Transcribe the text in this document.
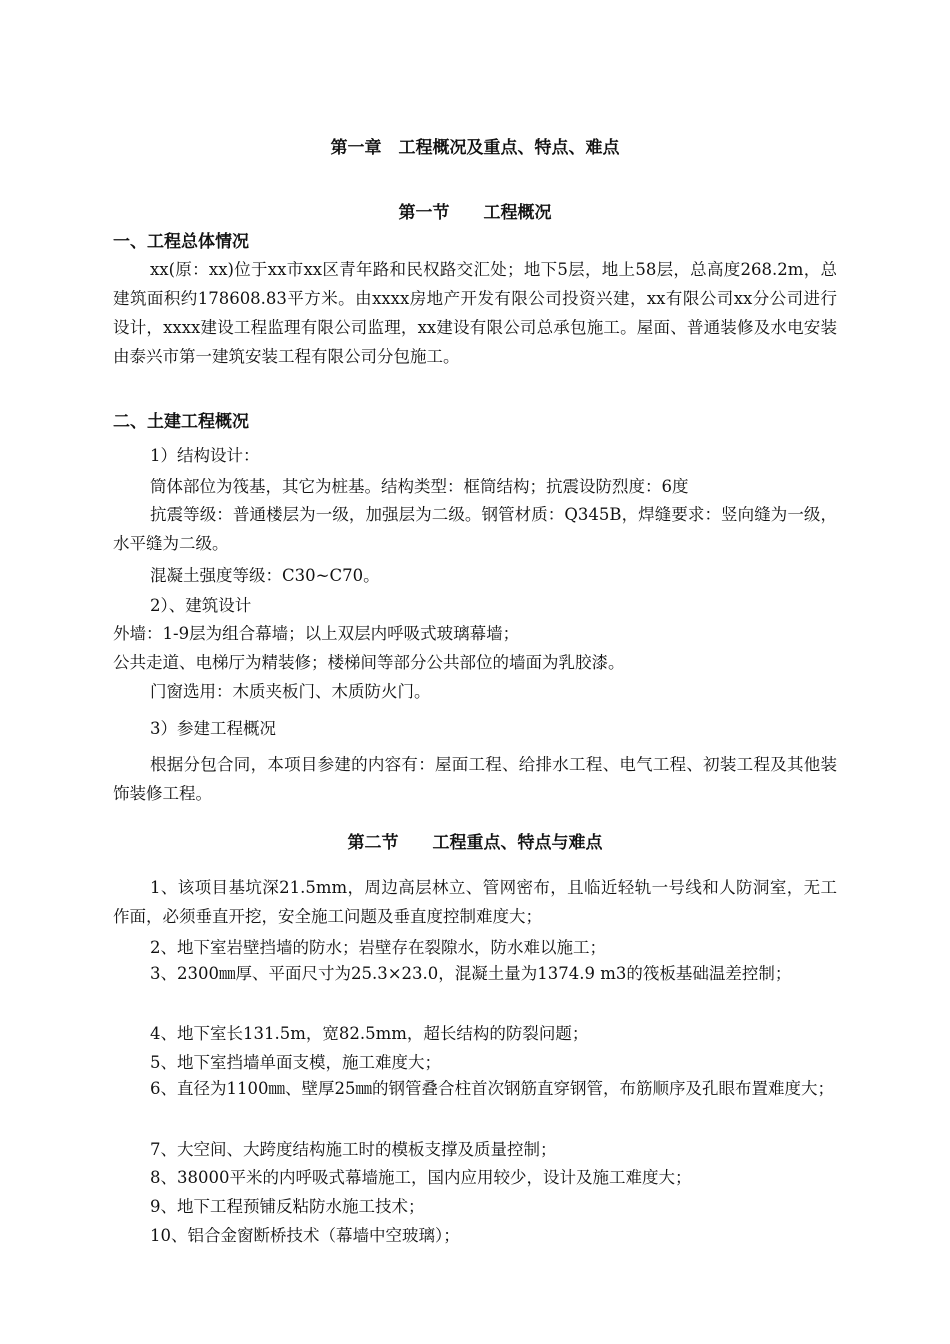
第一章　工程概况及重点、特点、难点
第一节　　工程概况
一、工程总体情况
xx(原：xx)位于xx市xx区青年路和民权路交汇处；地下5层，地上58层，总高度268.2m，总建筑面积约178608.83平方米。由xxxx房地产开发有限公司投资兴建，xx有限公司xx分公司进行设计，xxxx建设工程监理有限公司监理，xx建设有限公司总承包施工。屋面、普通装修及水电安装由泰兴市第一建筑安装工程有限公司分包施工。
二、土建工程概况
1）结构设计：
筒体部位为筏基，其它为桩基。结构类型：框筒结构；抗震设防烈度：6度
抗震等级：普通楼层为一级，加强层为二级。钢管材质：Q345B，焊缝要求：竖向缝为一级，水平缝为二级。
混凝土强度等级：C30~C70。
2）、建筑设计
外墙：1-9层为组合幕墙；以上双层内呼吸式玻璃幕墙；
公共走道、电梯厅为精装修；楼梯间等部分公共部位的墙面为乳胶漆。
门窗选用：木质夹板门、木质防火门。
3）参建工程概况
根据分包合同，本项目参建的内容有：屋面工程、给排水工程、电气工程、初装工程及其他装饰装修工程。
第二节　　工程重点、特点与难点
1、该项目基坑深21.5mm，周边高层林立、管网密布，且临近轻轨一号线和人防洞室，无工作面，必须垂直开挖，安全施工问题及垂直度控制难度大；
2、地下室岩壁挡墙的防水；岩壁存在裂隙水，防水难以施工；
3、2300㎜厚、平面尺寸为25.3×23.0，混凝土量为1374.9 m3的筏板基础温差控制；
4、地下室长131.5m，宽82.5mm，超长结构的防裂问题；
5、地下室挡墙单面支模，施工难度大；
6、直径为1100㎜、壁厚25㎜的钢管叠合柱首次钢筋直穿钢管，布筋顺序及孔眼布置难度大；
7、大空间、大跨度结构施工时的模板支撑及质量控制；
8、38000平米的内呼吸式幕墙施工，国内应用较少，设计及施工难度大；
9、地下工程预铺反粘防水施工技术；
10、铝合金窗断桥技术（幕墙中空玻璃）；
